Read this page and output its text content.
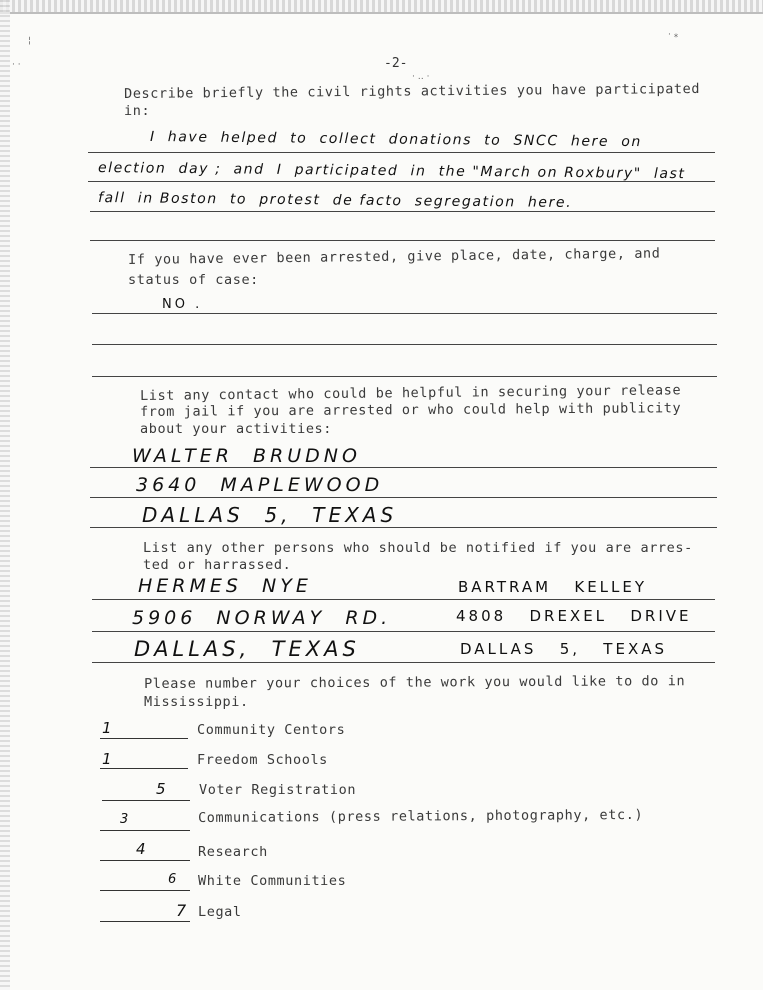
· ⁎
· ·
¦
· ‥ ·
-2-
Describe briefly the civil rights activities you have participated
in:
I  have  helped  to  collect  donations  to  SNCC  here  on
election  day ;  and  I  participated  in  the "March on Roxbury"  last
fall  in Boston  to  protest  de facto  segregation  here.
If you have ever been arrested, give place, date, charge, and
status of case:
NO .
List any contact who could be helpful in securing your release
from jail if you are arrested or who could help with publicity
about your activities:
WALTER  BRUDNO
3640  MAPLEWOOD
DALLAS  5,  TEXAS
List any other persons who should be notified if you are arres-
ted or harrassed.
HERMES  NYE	BARTRAM   KELLEY
5906  NORWAY  RD.	4808   DREXEL   DRIVE
DALLAS,  TEXAS	DALLAS   5,   TEXAS
Please number your choices of the work you would like to do in
Mississippi.
1	Community Centors
1	Freedom Schools
5 Voter Registration
3	Communications (press relations, photography, etc.)
4	Research
6 White Communities
7 Legal
